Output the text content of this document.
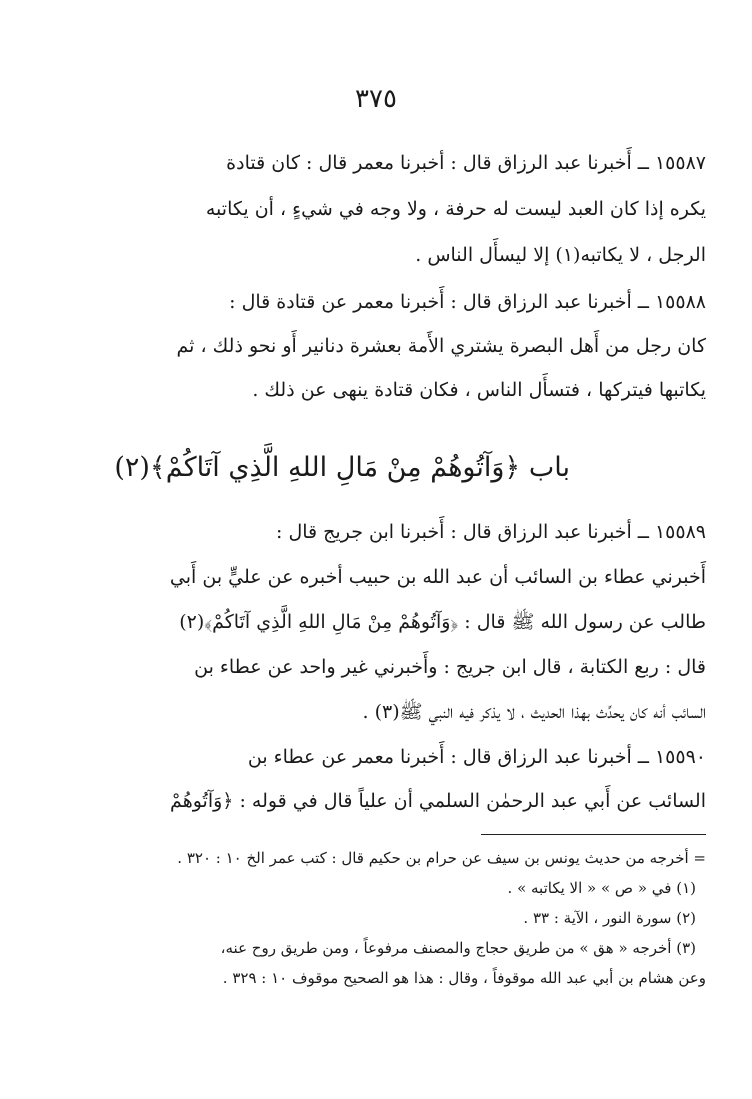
٣٧٥
١٥٥٨٧ ــ أَخبرنا عبد الرزاق قال : أخبرنا معمر قال : كان قتادة
يكره إذا كان العبد ليست له حرفة ، ولا وجه في شيءٍ ، أن يكاتبه
الرجل ، لا يكاتبه(١) إلا ليسأَل الناس .
١٥٥٨٨ ــ أخبرنا عبد الرزاق قال : أَخبرنا معمر عن قتادة قال :
كان رجل من أَهل البصرة يشتري الأَمة بعشرة دنانير أَو نحو ذلك ، ثم
يكاتبها فيتركها ، فتسأَل الناس ، فكان قتادة ينهى عن ذلك .
باب ﴿وَآتُوهُمْ مِنْ مَالِ اللهِ الَّذِي آتَاكُمْ﴾(٢)
١٥٥٨٩ ــ أخبرنا عبد الرزاق قال : أَخبرنا ابن جريج قال :
أَخبرني عطاء بن السائب أن عبد الله بن حبيب أخبره عن عليٍّ بن أَبي
طالب عن رسول الله ﷺ قال : ﴿وَآتُوهُمْ مِنْ مَالِ اللهِ الَّذِي آتَاكُمْ﴾(٢)
قال : ربع الكتابة ، قال ابن جريج : وأَخبرني غير واحد عن عطاء بن
السائب أنه كان يحدِّث بهذا الحديث ، لا يذكر فيه النبي ﷺ(٣) .
١٥٥٩٠ ــ أخبرنا عبد الرزاق قال : أَخبرنا معمر عن عطاء بن
السائب عن أَبي عبد الرحمٰن السلمي أن علياً قال في قوله : ﴿وَآتُوهُمْ
= أخرجه من حديث يونس بن سيف عن حرام بن حكيم قال : كتب عمر الخ ١٠ : ٣٢٠ .
(١) في « ص » « الا يكاتبه » .
(٢) سورة النور ، الآية : ٣٣ .
(٣) أخرجه « هق » من طريق حجاج والمصنف مرفوعاً ، ومن طريق روح عنه،
وعن هشام بن أبي عبد الله موقوفاً ، وقال : هذا هو الصحيح موقوف ١٠ : ٣٢٩ .
